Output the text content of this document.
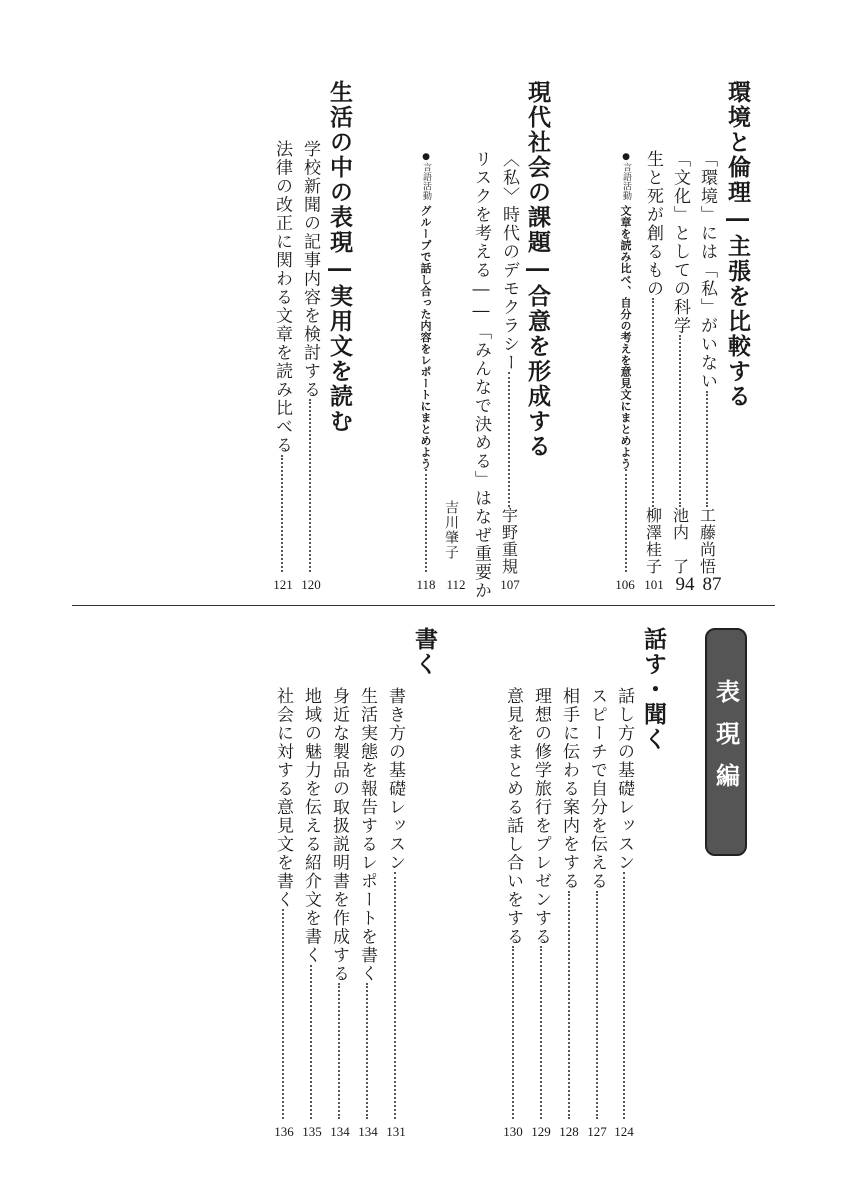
環境と倫理―主張を比較する
「環境」には「私」がいない
工藤尚悟
87
「文化」としての科学
池内　了
94
生と死が創るもの
柳澤桂子
101
●言語活動
文章を読み比べ、自分の考えを意見文にまとめよう
106
現代社会の課題―合意を形成する
〈私〉時代のデモクラシー
宇野重規
107
リスクを考える――「みんなで決める」はなぜ重要か
吉川肇子
112
●言語活動
グループで話し合った内容をレポートにまとめよう
118
生活の中の表現―実用文を読む
学校新聞の記事内容を検討する
120
法律の改正に関わる文章を読み比べる
121
表現編
話す・聞く
話し方の基礎レッスン
124
スピーチで自分を伝える
127
相手に伝わる案内をする
128
理想の修学旅行をプレゼンする
129
意見をまとめる話し合いをする
130
書く
書き方の基礎レッスン
131
生活実態を報告するレポートを書く
134
身近な製品の取扱説明書を作成する
134
地域の魅力を伝える紹介文を書く
135
社会に対する意見文を書く
136
